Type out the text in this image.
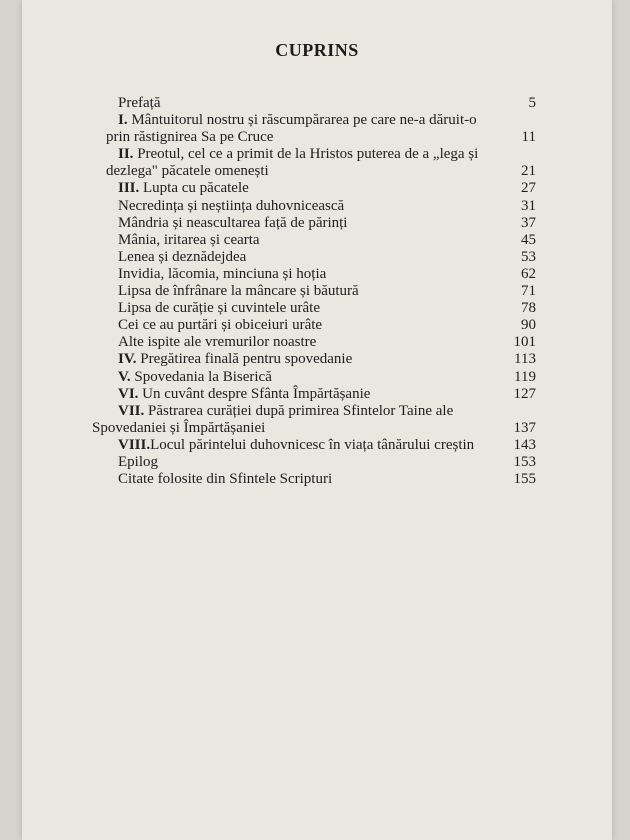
CUPRINS
Prefață	5
I. Mântuitorul nostru și răscumpărarea pe care ne-a dăruit-o
prin răstignirea Sa pe Cruce	11
II. Preotul, cel ce a primit de la Hristos puterea de a „lega și
dezlega" păcatele omenești	21
III. Lupta cu păcatele	27
Necredința și neștiința duhovnicească	31
Mândria și neascultarea față de părinți	37
Mânia, iritarea și cearta	45
Lenea și deznădejdea	53
Invidia, lăcomia, minciuna și hoția	62
Lipsa de înfrânare la mâncare și băutură	71
Lipsa de curăție și cuvintele urâte	78
Cei ce au purtări și obiceiuri urâte	90
Alte ispite ale vremurilor noastre	101
IV. Pregătirea finală pentru spovedanie	113
V. Spovedania la Biserică	119
VI. Un cuvânt despre Sfânta Împărtășanie	127
VII. Păstrarea curăției după primirea Sfintelor Taine ale
Spovedaniei și Împărtășaniei	137
VIII.Locul părintelui duhovnicesc în viața tânărului creștin	143
Epilog	153
Citate folosite din Sfintele Scripturi	155
